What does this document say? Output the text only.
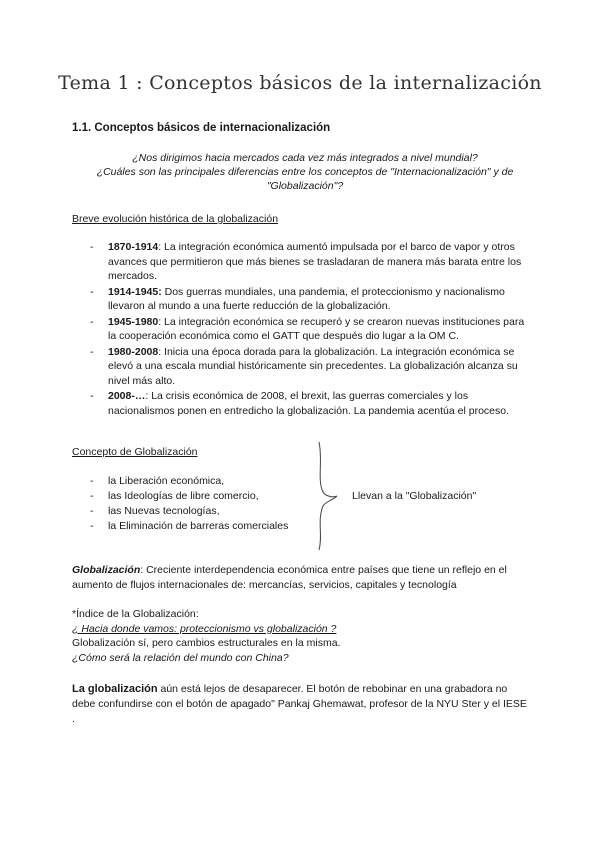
Tema 1 : Conceptos básicos de la internalización
1.1. Conceptos básicos de internacionalización
¿Nos dirigimos hacia mercados cada vez más integrados a nivel mundial?
¿Cuáles son las principales diferencias entre los conceptos de "Internacionalización" y de "Globalización"?
Breve evolución histórica de la globalización
- 1870-1914: La integración económica aumentó impulsada por el barco de vapor y otros avances que permitieron que más bienes se trasladaran de manera más barata entre los mercados.
- 1914-1945: Dos guerras mundiales, una pandemia, el proteccionismo y nacionalismo llevaron al mundo a una fuerte reducción de la globalización.
- 1945-1980: La integración económica se recuperó y se crearon nuevas instituciones para la cooperación económica como el GATT que después dio lugar a la OM C.
- 1980-2008: Inicia una época dorada para la globalización. La integración económica se elevó a una escala mundial históricamente sin precedentes. La globalización alcanza su nivel más alto.
- 2008-…: La crisis económica de 2008, el brexit, las guerras comerciales y los nacionalismos ponen en entredicho la globalización. La pandemia acentúa el proceso.
Concepto de Globalización
- la Liberación económica,
- las Ideologías de libre comercio,
- las Nuevas tecnologías,
- la Eliminación de barreras comerciales
Llevan a la "Globalización"
Globalización: Creciente interdependencia económica entre países que tiene un reflejo en el aumento de flujos internacionales de: mercancías, servicios, capitales y tecnología
*Índice de la Globalización:
¿ Hacia donde vamos: proteccionismo vs globalización ?
Globalización sí, pero cambios estructurales en la misma.
¿Cómo será la relación del mundo con China?
La globalización aún está lejos de desaparecer. El botón de rebobinar en una grabadora no debe confundirse con el botón de apagado" Pankaj Ghemawat, profesor de la NYU Ster y el IESE .
